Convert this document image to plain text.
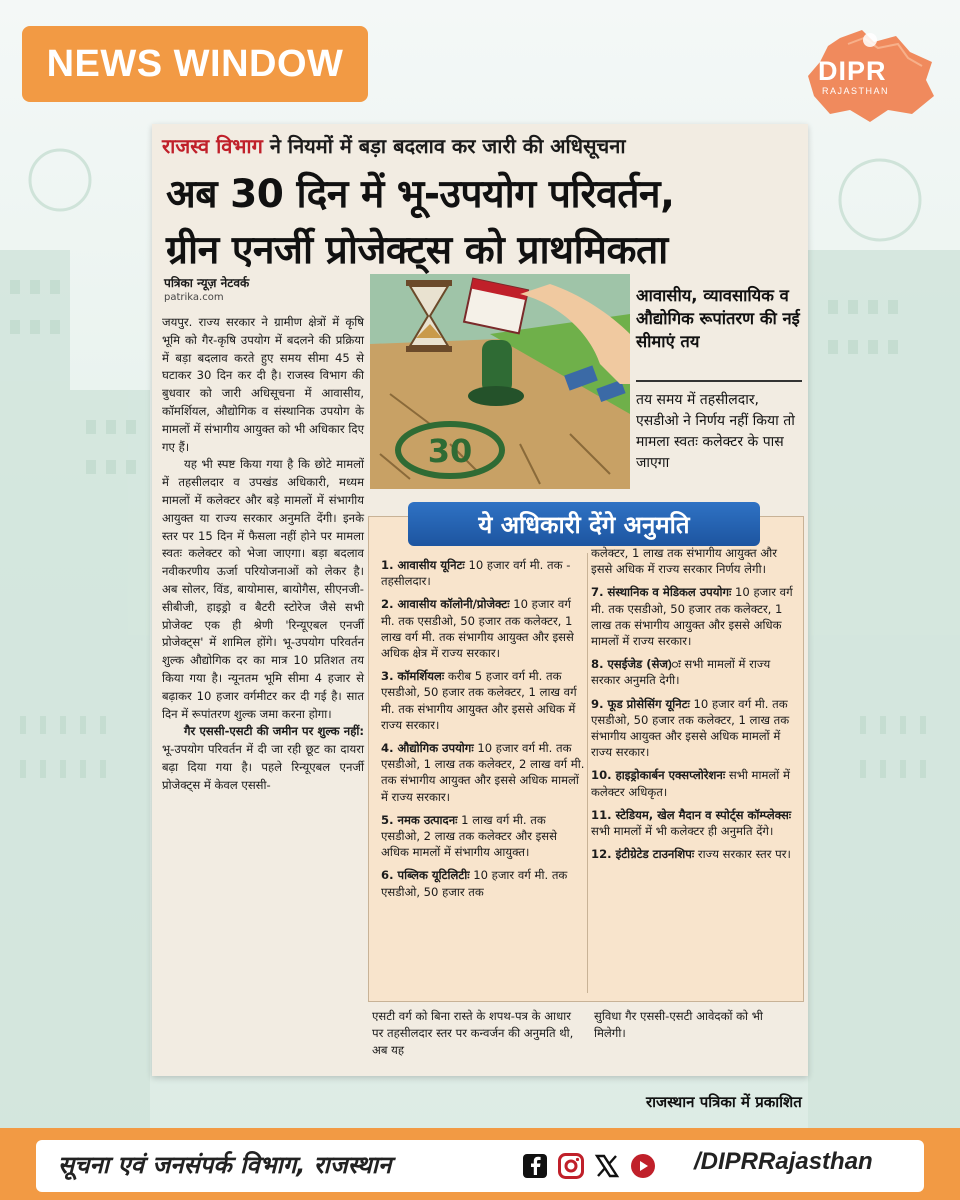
NEWS WINDOW	DIPR
RAJASTHAN
राजस्व विभाग ने नियमों में बड़ा बदलाव कर जारी की अधिसूचना
अब 30 दिन में भू-उपयोग परिवर्तन,
ग्रीन एनर्जी प्रोजेक्ट्स को प्राथमिकता
पत्रिका न्यूज़ नेटवर्क
patrika.com

जयपुर. राज्य सरकार ने ग्रामीण क्षेत्रों में कृषि भूमि को गैर-कृषि उपयोग में बदलने की प्रक्रिया में बड़ा बदलाव करते हुए समय सीमा 45 से घटाकर 30 दिन कर दी है। राजस्व विभाग की बुधवार को जारी अधिसूचना में आवासीय, कॉमर्शियल, औद्योगिक व संस्थानिक उपयोग के मामलों में संभागीय आयुक्त को भी अधिकार दिए गए हैं।

यह भी स्पष्ट किया गया है कि छोटे मामलों में तहसीलदार व उपखंड अधिकारी, मध्यम मामलों में कलेक्टर और बड़े मामलों में संभागीय आयुक्त या राज्य सरकार अनुमति देंगी। इनके स्तर पर 15 दिन में फैसला नहीं होने पर मामला स्वतः कलेक्टर को भेजा जाएगा। बड़ा बदलाव नवीकरणीय ऊर्जा परियोजनाओं को लेकर है। अब सोलर, विंड, बायोमास, बायोगैस, सीएनजी-सीबीजी, हाइड्रो व बैटरी स्टोरेज जैसे सभी प्रोजेक्ट एक ही श्रेणी 'रिन्यूएबल एनर्जी प्रोजेक्ट्स' में शामिल होंगे। भू-उपयोग परिवर्तन शुल्क औद्योगिक दर का मात्र 10 प्रतिशत तय किया गया है। न्यूनतम भूमि सीमा 4 हजार से बढ़ाकर 10 हजार वर्गमीटर कर दी गई है। सात दिन में रूपांतरण शुल्क जमा करना होगा।

गैर एससी-एसटी की जमीन पर शुल्क नहीं: भू-उपयोग परिवर्तन में दी जा रही छूट का दायरा बढ़ा दिया गया है। पहले रिन्यूएबल एनर्जी प्रोजेक्ट्स में केवल एससी-

30
आवासीय, व्यावसायिक व औद्योगिक रूपांतरण की नई सीमाएं तय
तय समय में तहसीलदार, एसडीओ ने निर्णय नहीं किया तो मामला स्वतः कलेक्टर के पास जाएगा
1. आवासीय यूनिटः 10 हजार वर्ग मी. तक - तहसीलदार।
2. आवासीय कॉलोनी/प्रोजेक्टः 10 हजार वर्ग मी. तक एसडीओ, 50 हजार तक कलेक्टर, 1 लाख वर्ग मी. तक संभागीय आयुक्त और इससे अधिक क्षेत्र में राज्य सरकार।
3. कॉमर्शियलः करीब 5 हजार वर्ग मी. तक एसडीओ, 50 हजार तक कलेक्टर, 1 लाख वर्ग मी. तक संभागीय आयुक्त और इससे अधिक में राज्य सरकार।
4. औद्योगिक उपयोगः 10 हजार वर्ग मी. तक एसडीओ, 1 लाख तक कलेक्टर, 2 लाख वर्ग मी. तक संभागीय आयुक्त और इससे अधिक मामलों में राज्य सरकार।
5. नमक उत्पादनः 1 लाख वर्ग मी. तक एसडीओ, 2 लाख तक कलेक्टर और इससे अधिक मामलों में संभागीय आयुक्त।
6. पब्लिक यूटिलिटीः 10 हजार वर्ग मी. तक एसडीओ, 50 हजार तक
कलेक्टर, 1 लाख तक संभागीय आयुक्त और इससे अधिक में राज्य सरकार निर्णय लेगी।
7. संस्थानिक व मेडिकल उपयोगः 10 हजार वर्ग मी. तक एसडीओ, 50 हजार तक कलेक्टर, 1 लाख तक संभागीय आयुक्त और इससे अधिक मामलों में राज्य सरकार।
8. एसईजेड (सेज)ः सभी मामलों में राज्य सरकार अनुमति देगी।
9. फूड प्रोसेसिंग यूनिटः 10 हजार वर्ग मी. तक एसडीओ, 50 हजार तक कलेक्टर, 1 लाख तक संभागीय आयुक्त और इससे अधिक मामलों में राज्य सरकार।
10. हाइड्रोकार्बन एक्सप्लोरेशनः सभी मामलों में कलेक्टर अधिकृत।
11. स्टेडियम, खेल मैदान व स्पोर्ट्स कॉम्प्लेक्सः सभी मामलों में भी कलेक्टर ही अनुमति देंगे।
12. इंटीग्रेटेड टाउनशिपः राज्य सरकार स्तर पर।
ये अधिकारी देंगे अनुमति
एसटी वर्ग को बिना रास्ते के शपथ-पत्र के आधार पर तहसीलदार स्तर पर कन्वर्जन की अनुमति थी, अब यह
सुविधा गैर एससी-एसटी आवेदकों को भी मिलेगी।
राजस्थान पत्रिका में प्रकाशित
सूचना एवं जनसंपर्क विभाग, राजस्थान	/DIPRRajasthan
